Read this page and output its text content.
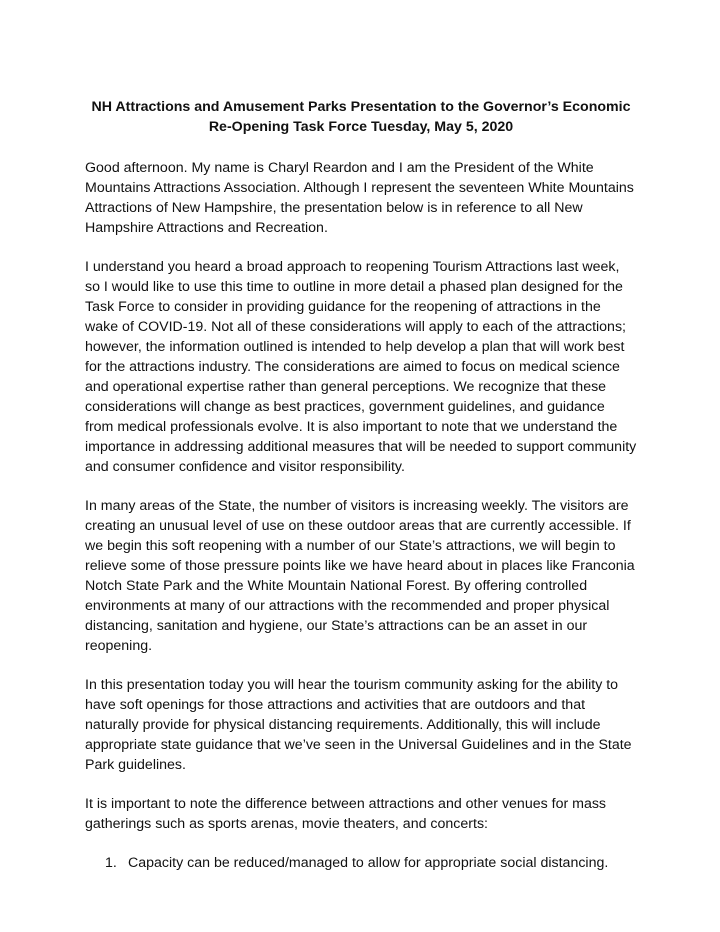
NH Attractions and Amusement Parks Presentation to the Governor’s Economic
Re-Opening Task Force Tuesday, May 5, 2020

Good afternoon. My name is Charyl Reardon and I am the President of the White Mountains Attractions Association. Although I represent the seventeen White Mountains Attractions of New Hampshire, the presentation below is in reference to all New Hampshire Attractions and Recreation.

I understand you heard a broad approach to reopening Tourism Attractions last week, so I would like to use this time to outline in more detail a phased plan designed for the Task Force to consider in providing guidance for the reopening of attractions in the wake of COVID-19. Not all of these considerations will apply to each of the attractions; however, the information outlined is intended to help develop a plan that will work best for the attractions industry. The considerations are aimed to focus on medical science and operational expertise rather than general perceptions. We recognize that these considerations will change as best practices, government guidelines, and guidance from medical professionals evolve. It is also important to note that we understand the importance in addressing additional measures that will be needed to support community and consumer confidence and visitor responsibility.

In many areas of the State, the number of visitors is increasing weekly. The visitors are creating an unusual level of use on these outdoor areas that are currently accessible. If we begin this soft reopening with a number of our State’s attractions, we will begin to relieve some of those pressure points like we have heard about in places like Franconia Notch State Park and the White Mountain National Forest. By offering controlled environments at many of our attractions with the recommended and proper physical distancing, sanitation and hygiene, our State’s attractions can be an asset in our reopening.

In this presentation today you will hear the tourism community asking for the ability to have soft openings for those attractions and activities that are outdoors and that naturally provide for physical distancing requirements. Additionally, this will include appropriate state guidance that we’ve seen in the Universal Guidelines and in the State Park guidelines.

It is important to note the difference between attractions and other venues for mass gatherings such as sports arenas, movie theaters, and concerts:

1. Capacity can be reduced/managed to allow for appropriate social distancing.
